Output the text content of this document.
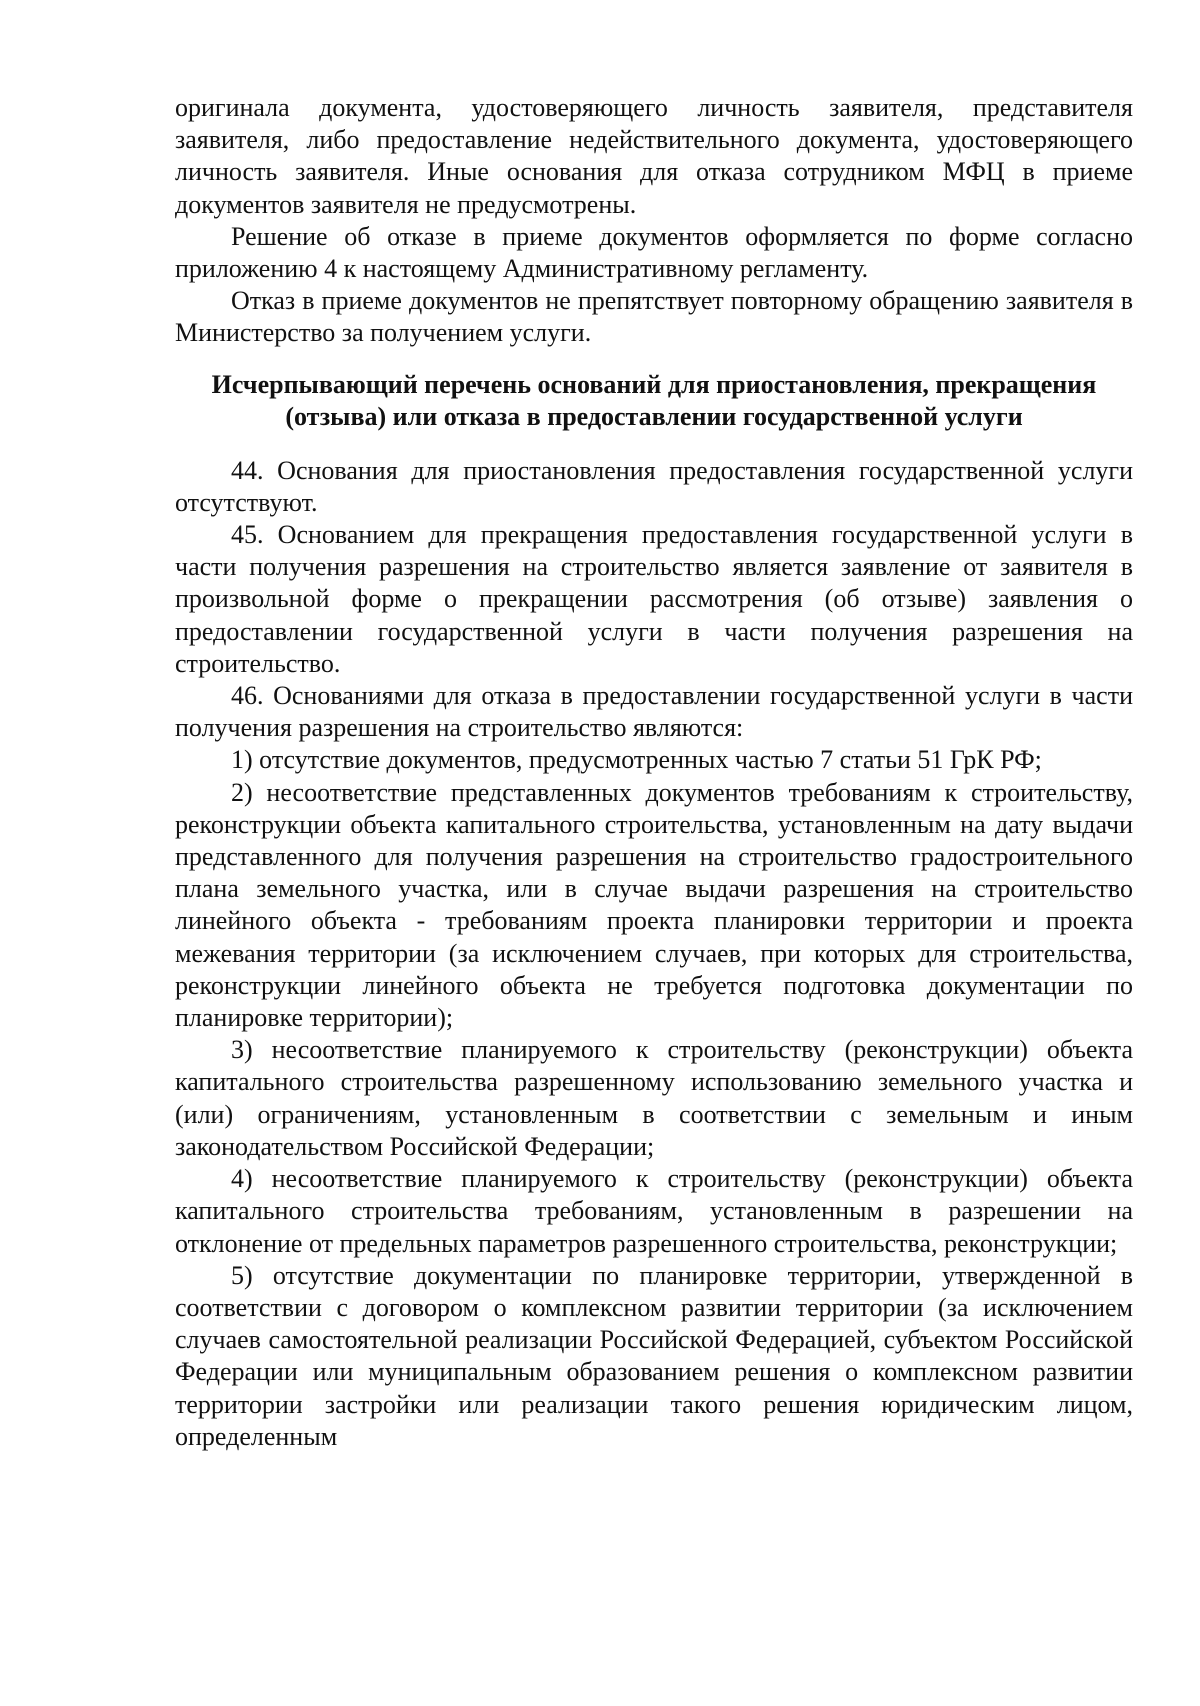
оригинала документа, удостоверяющего личность заявителя, представителя заявителя, либо предоставление недействительного документа, удостоверяющего личность заявителя. Иные основания для отказа сотрудником МФЦ в приеме документов заявителя не предусмотрены.

Решение об отказе в приеме документов оформляется по форме согласно приложению 4 к настоящему Административному регламенту.

Отказ в приеме документов не препятствует повторному обращению заявителя в Министерство за получением услуги.

Исчерпывающий перечень оснований для приостановления, прекращения (отзыва) или отказа в предоставлении государственной услуги

44. Основания для приостановления предоставления государственной услуги отсутствуют.

45. Основанием для прекращения предоставления государственной услуги в части получения разрешения на строительство является заявление от заявителя в произвольной форме о прекращении рассмотрения (об отзыве) заявления о предоставлении государственной услуги в части получения разрешения на строительство.

46. Основаниями для отказа в предоставлении государственной услуги в части получения разрешения на строительство являются:

1) отсутствие документов, предусмотренных частью 7 статьи 51 ГрК РФ;

2) несоответствие представленных документов требованиям к строительству, реконструкции объекта капитального строительства, установленным на дату выдачи представленного для получения разрешения на строительство градостроительного плана земельного участка, или в случае выдачи разрешения на строительство линейного объекта - требованиям проекта планировки территории и проекта межевания территории (за исключением случаев, при которых для строительства, реконструкции линейного объекта не требуется подготовка документации по планировке территории);

3) несоответствие планируемого к строительству (реконструкции) объекта капитального строительства разрешенному использованию земельного участка и (или) ограничениям, установленным в соответствии с земельным и иным законодательством Российской Федерации;

4) несоответствие планируемого к строительству (реконструкции) объекта капитального строительства требованиям, установленным в разрешении на отклонение от предельных параметров разрешенного строительства, реконструкции;

5) отсутствие документации по планировке территории, утвержденной в соответствии с договором о комплексном развитии территории (за исключением случаев самостоятельной реализации Российской Федерацией, субъектом Российской Федерации или муниципальным образованием решения о комплексном развитии территории застройки или реализации такого решения юридическим лицом, определенным
